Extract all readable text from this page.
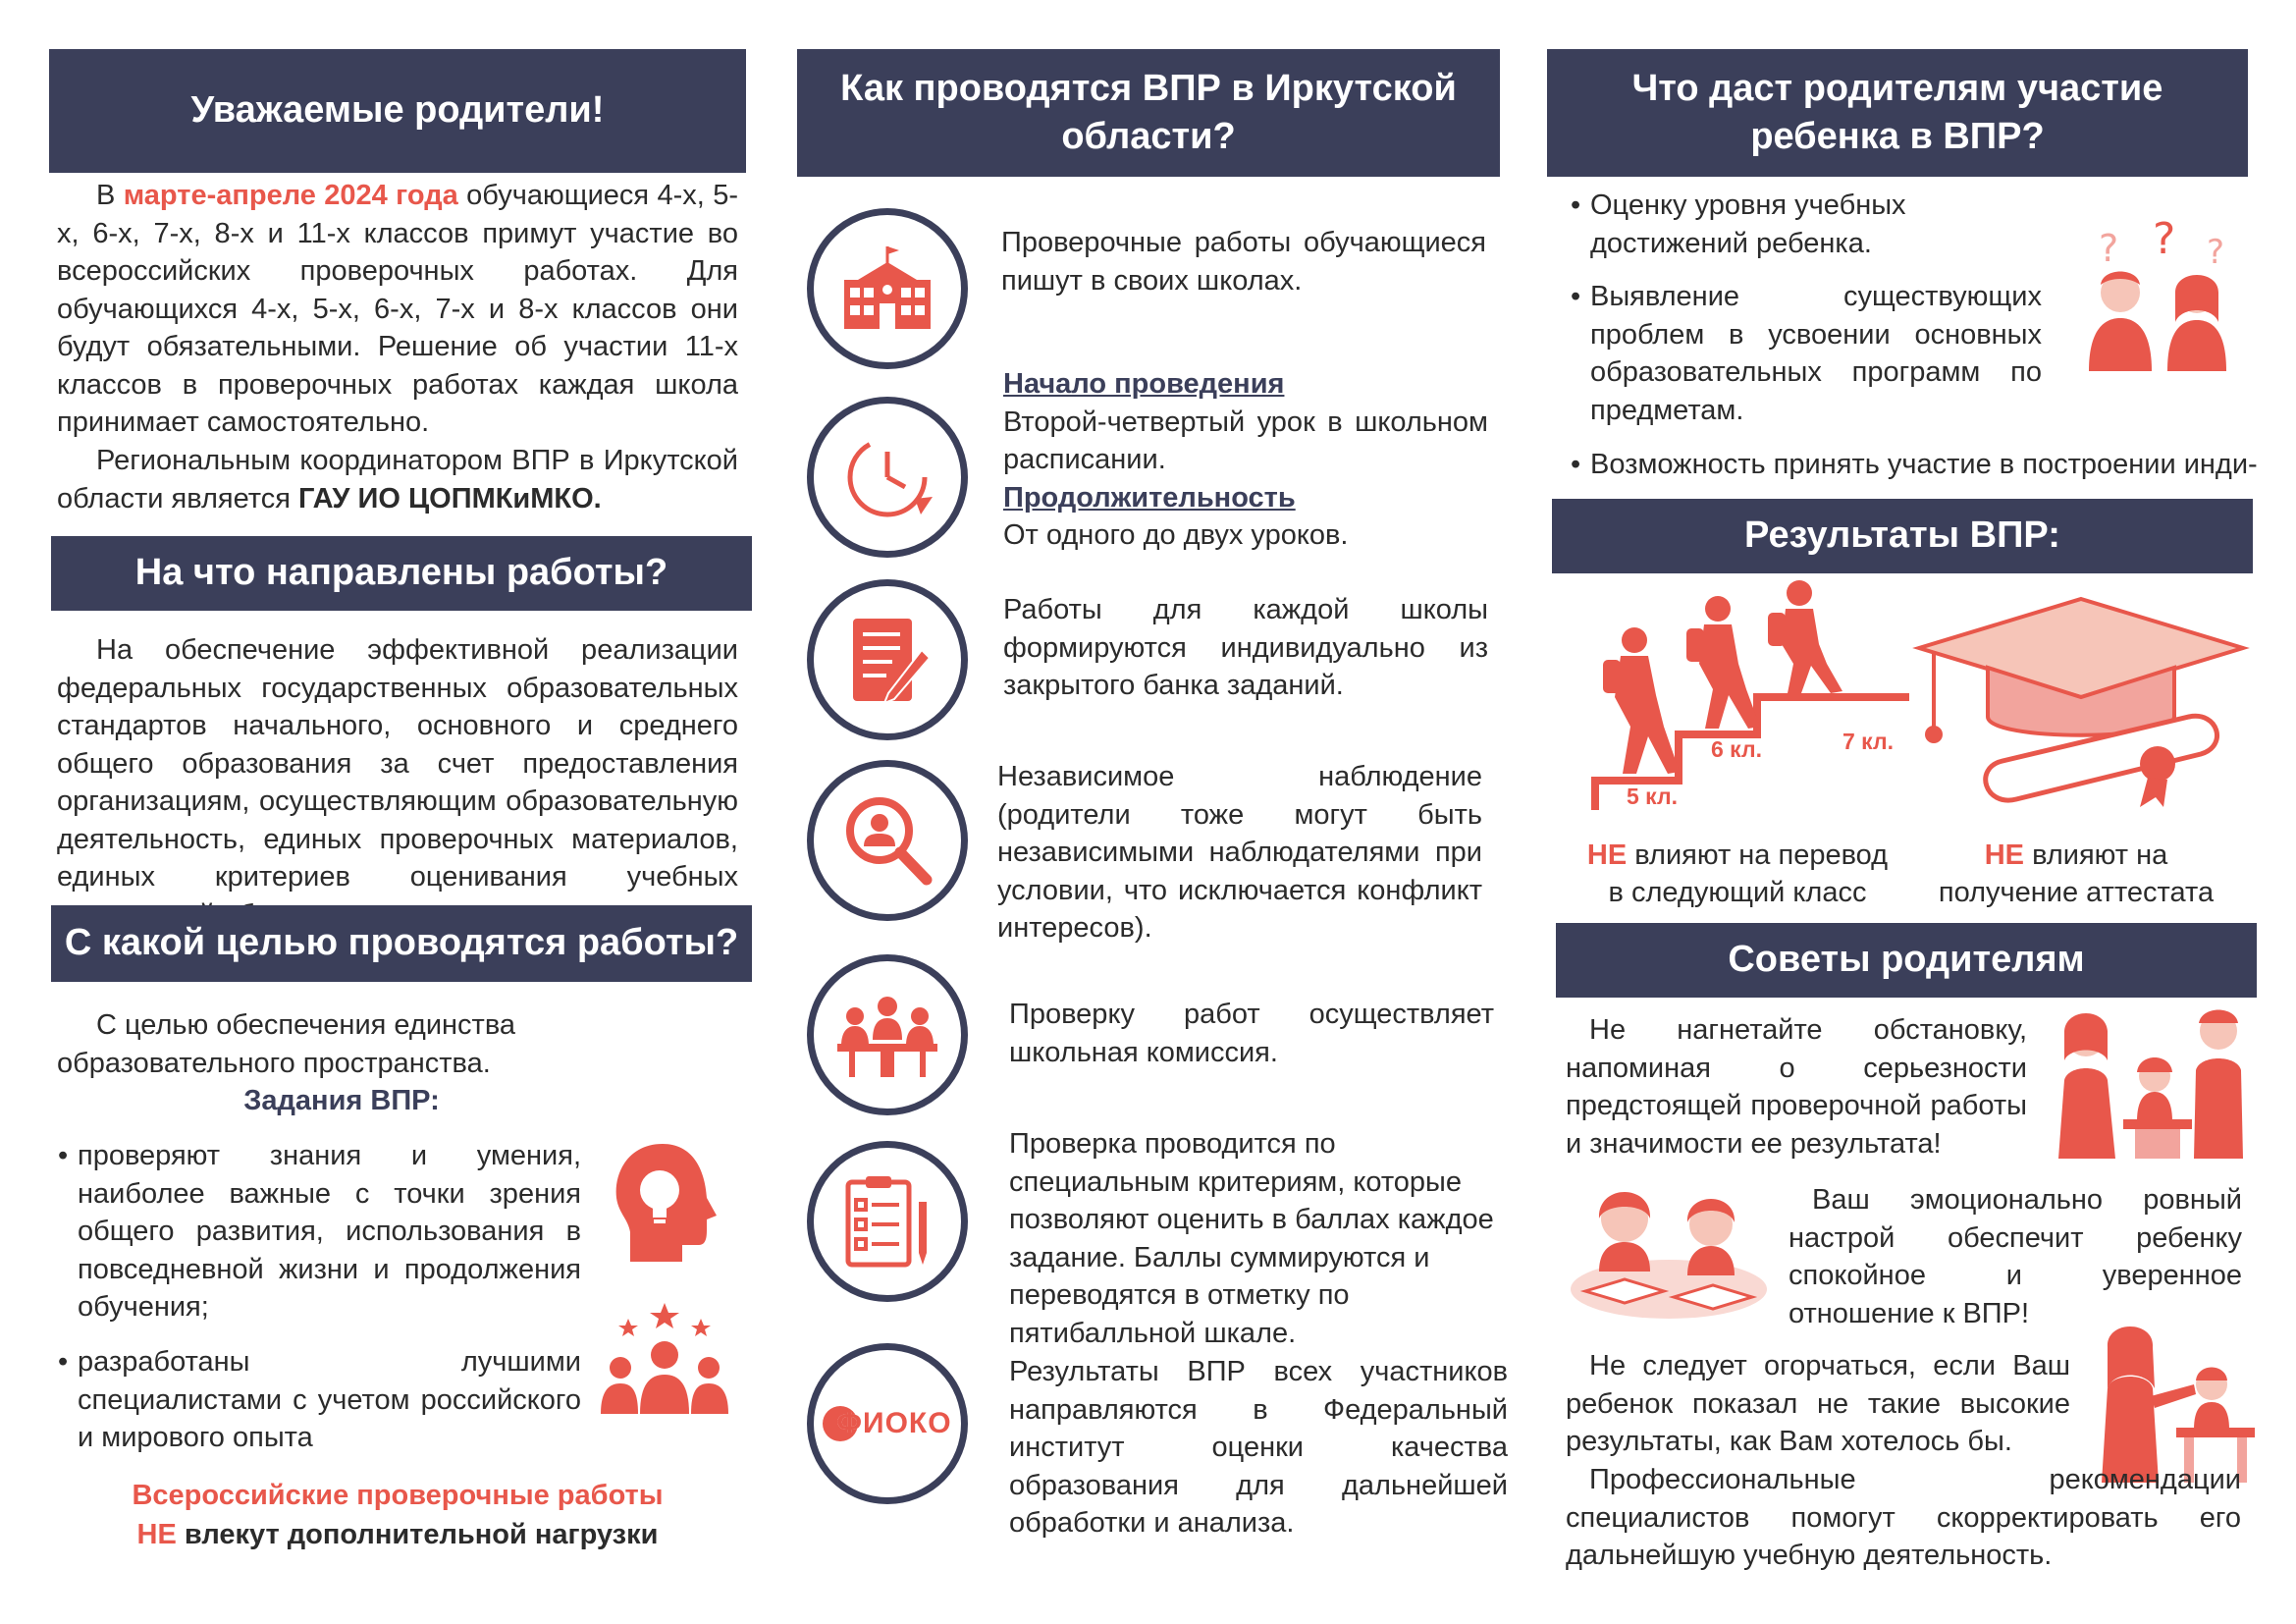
Уважаемые родители!
В марте-апреле 2024 года обучающиеся 4-х, 5-х, 6-х, 7-х, 8-х и 11-х классов примут участие во всероссийских проверочных работах. Для обучающихся 4-х, 5-х, 6-х, 7-х и 8-х классов они будут обязательными. Решение об участии 11-х классов в проверочных работах каждая школа принимает самостоятельно.
Региональным координатором ВПР в Иркутской области является ГАУ ИО ЦОПМКиМКО.
На что направлены работы?
На обеспечение эффективной реализации федеральных государственных образовательных стандартов начального, основного и среднего общего образования за счет предоставления организациям, осуществляющим образовательную деятельность, единых проверочных материалов, единых критериев оценивания учебных
С какой целью проводятся работы?
С целью обеспечения единства образовательного пространства.
Задания ВПР:
• проверяют знания и умения, наиболее важные с точки зрения общего развития, использования в повседневной жизни и продолжения обучения;
• разработаны лучшими специалистами с учетом российского и мирового опыта
Всероссийские проверочные работы
НЕ влекут дополнительной нагрузки
Как проводятся ВПР в Иркутской области?
ФИОКО
Проверочные работы обучающиеся пишут в своих школах.
Начало проведения
Второй-четвертый урок в школьном расписании.
Продолжительность
От одного до двух уроков.
Работы для каждой школы формируются индивидуально из закрытого банка заданий.
Независимое наблюдение (родители тоже могут быть независимыми наблюдателями при условии, что исключается конфликт интересов).
Проверку работ осуществляет школьная комиссия.
Проверка проводится по специальным критериям, которые позволяют оценить в баллах каждое задание. Баллы суммируются и переводятся в отметку по пятибалльной шкале.
Результаты ВПР всех участников направляются в Федеральный институт оценки качества образования для дальнейшей обработки и анализа.
Что даст родителям участие ребенка в ВПР?
• Оценку уровня учебных достижений ребенка.
• Выявление существующих проблем в усвоении основных образовательных программ по предметам.
• Возможность принять участие в построении инди-
? ? ?
Результаты ВПР:
5 кл.
6 кл.	7 кл.
НЕ влияют на перевод в следующий класс
НЕ влияют на получение аттестата
Советы родителям
Не нагнетайте обстановку, напоминая о серьезности предстоящей проверочной работы и значимости ее результата!
Ваш эмоционально ровный настрой обеспечит ребенку спокойное и уверенное отношение к ВПР!
Не следует огорчаться, если Ваш ребенок показал не такие высокие результаты, как Вам хотелось бы.
Профессиональные рекомендации специалистов помогут скорректировать его дальнейшую учебную деятельность.
